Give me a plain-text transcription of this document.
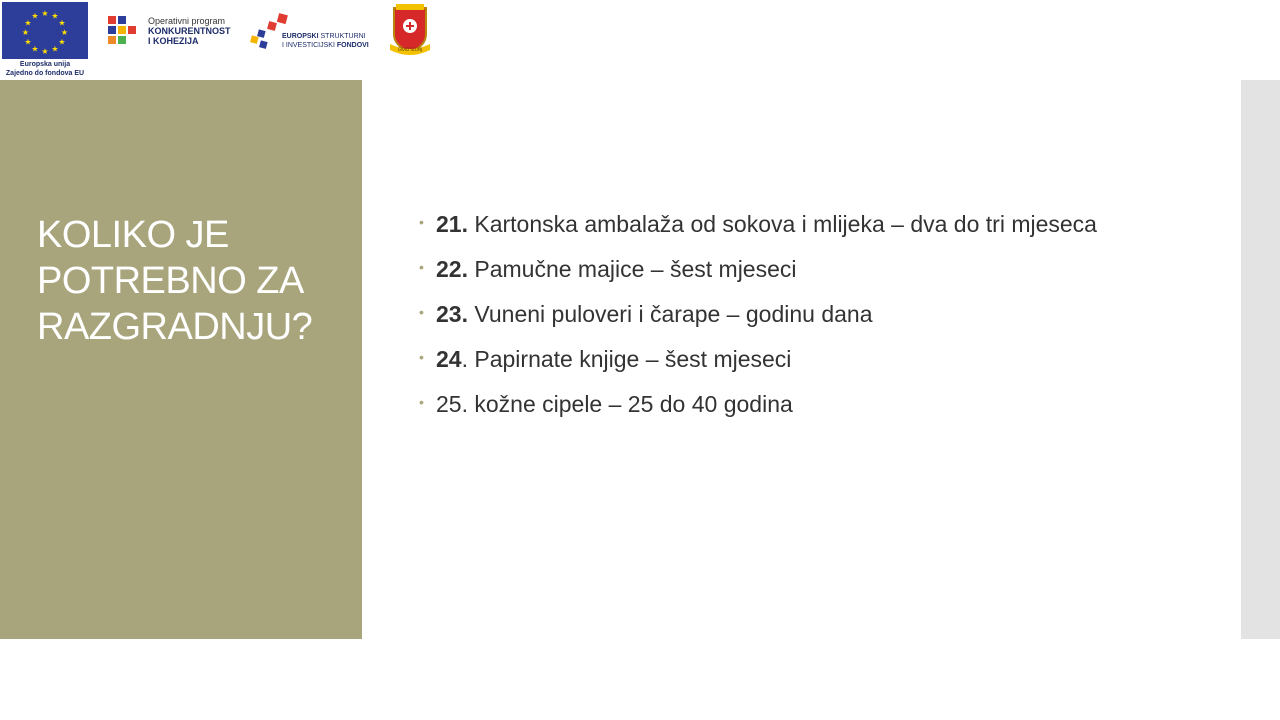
★ ★
★
★
★
★
★
★
★
★
★
★
Europska unija
Zajedno do fondova EU
Operativni program
KONKURENTNOST
I KOHEZIJA	EUROPSKI STRUKTURNI
I INVESTICIJSKI FONDOVI
GRAD SLUNJ
KOLIKO JE POTREBNO ZA RAZGRADNJU?
• 21. Kartonska ambalaža od sokova i mlijeka – dva do tri mjeseca
• 22. Pamučne majice – šest mjeseci
• 23. Vuneni puloveri i čarape – godinu dana
• 24. Papirnate knjige – šest mjeseci
• 25. kožne cipele – 25 do 40 godina
